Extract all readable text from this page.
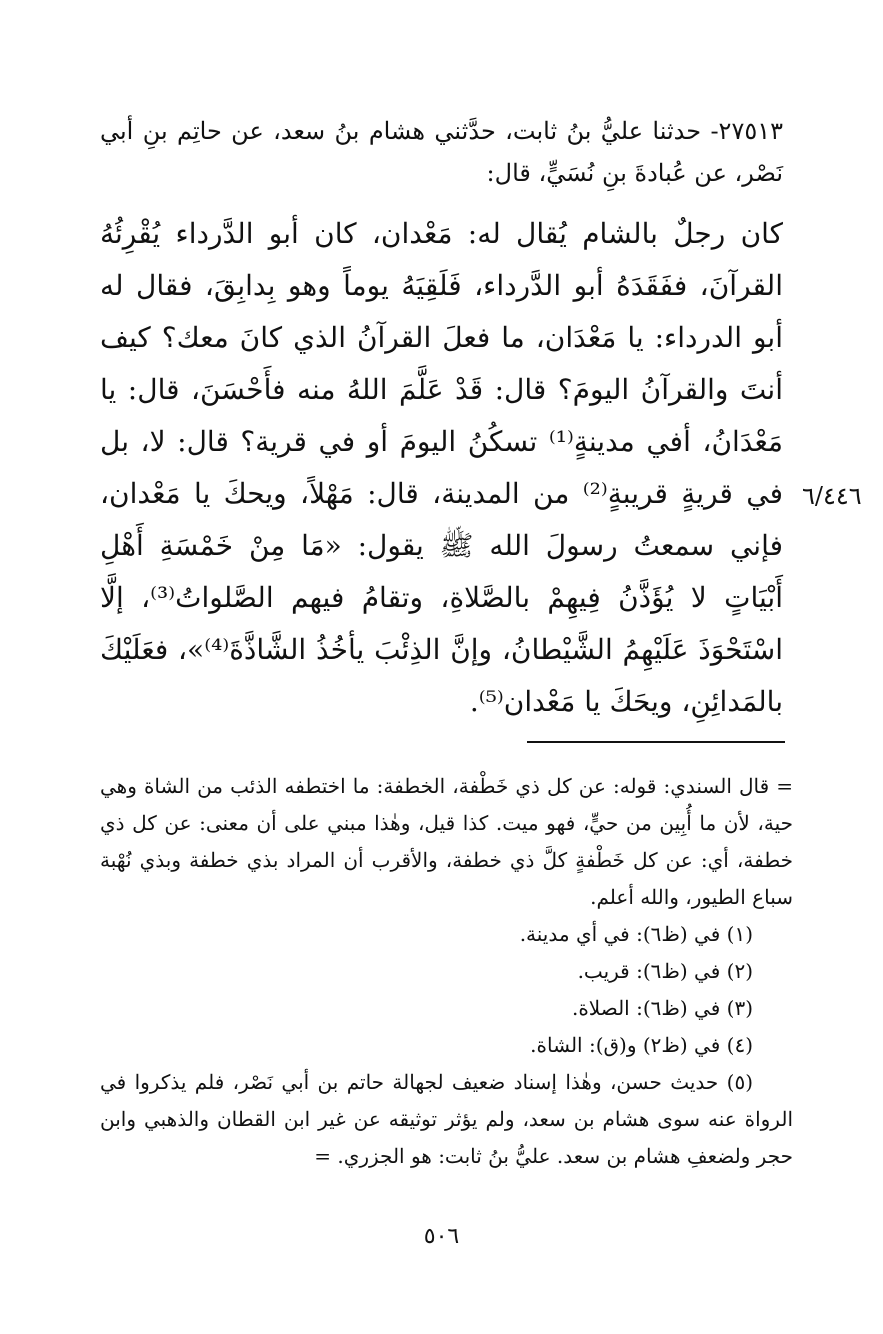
٢٧٥١٣- حدثنا عليُّ بنُ ثابت، حدَّثني هشام بنُ سعد، عن حاتِم بنِ أبي نَصْر، عن عُبادةَ بنِ نُسَيٍّ، قال:
كان رجلٌ بالشام يُقال له: مَعْدان، كان أبو الدَّرداء يُقْرِئُهُ القرآنَ، ففَقَدَهُ أبو الدَّرداء، فَلَقِيَهُ يوماً وهو بِدابِقَ، فقال له أبو الدرداء: يا مَعْدَان، ما فعلَ القرآنُ الذي كانَ معك؟ كيف أنتَ والقرآنُ اليومَ؟ قال: قَدْ عَلَّمَ اللهُ منه فأَحْسَنَ، قال: يا مَعْدَانُ، أفي مدينةٍ⁽¹⁾ تسكُنُ اليومَ أو في قرية؟ قال: لا، بل في قريةٍ قريبةٍ⁽²⁾ من المدينة، قال: مَهْلاً، ويحكَ يا مَعْدان، فإني سمعتُ رسولَ الله ﷺ يقول: «مَا مِنْ خَمْسَةِ أَهْلِ أَبْيَاتٍ لا يُؤَذَّنُ فِيهِمْ بالصَّلاةِ، وتقامُ فيهم الصَّلواتُ⁽³⁾، إلَّا اسْتَحْوَذَ عَلَيْهِمُ الشَّيْطانُ، وإنَّ الذِئْبَ يأخُذُ الشَّاذَّةَ⁽⁴⁾»، فعَلَيْكَ بالمَدائِنِ، ويحَكَ يا مَعْدان⁽⁵⁾.
٦/٤٤٦
= قال السندي: قوله: عن كل ذي خَطْفة، الخطفة: ما اختطفه الذئب من الشاة وهي حية، لأن ما أُبِين من حيٍّ، فهو ميت. كذا قيل، وهٰذا مبني على أن معنى: عن كل ذي خطفة، أي: عن كل خَطْفةٍ كلَّ ذي خطفة، والأقرب أن المراد بذي خطفة وبذي نُهْبة سباع الطيور، والله أعلم.
(١) في (ظ٦): في أي مدينة.
(٢) في (ظ٦): قريب.
(٣) في (ظ٦): الصلاة.
(٤) في (ظ٢) و(ق): الشاة.
(٥) حديث حسن، وهٰذا إسناد ضعيف لجهالة حاتم بن أبي نَصْر، فلم يذكروا في الرواة عنه سوى هشام بن سعد، ولم يؤثر توثيقه عن غير ابن القطان والذهبي وابن حجر ولضعفِ هشام بن سعد. عليُّ بنُ ثابت: هو الجزري. =
٥٠٦
